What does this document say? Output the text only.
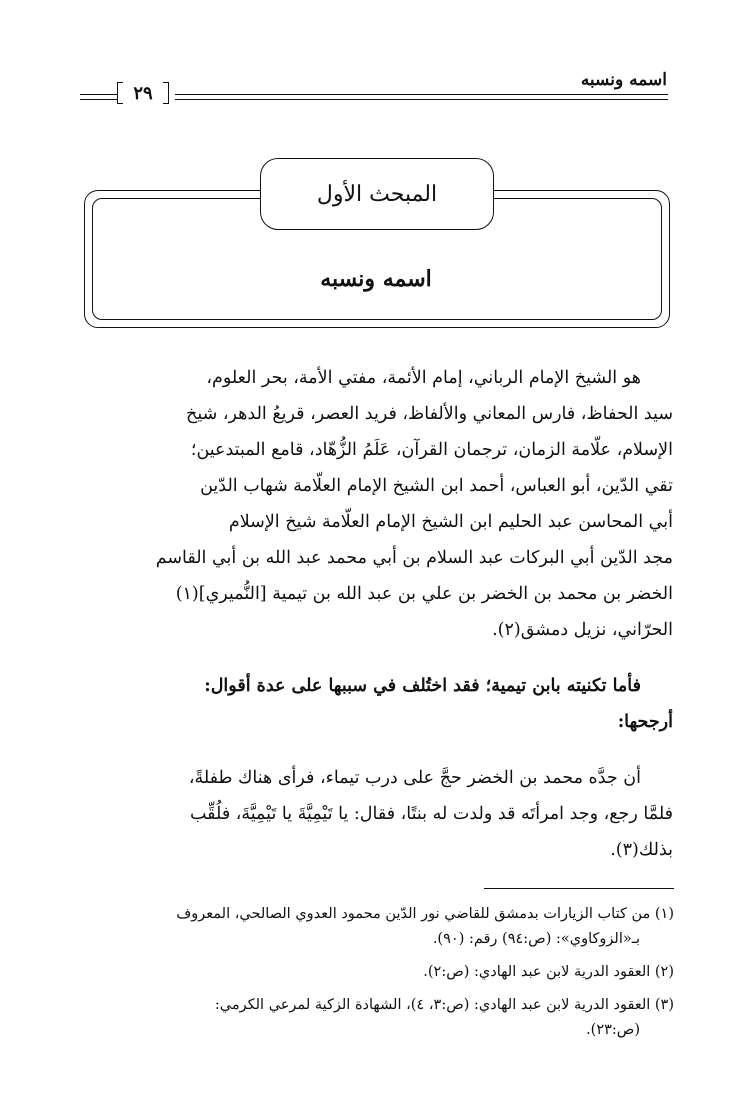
اسمه ونسبه
٢٩
المبحث الأول
اسمه ونسبه
هو الشيخ الإمام الرباني، إمام الأئمة، مفتي الأمة، بحر العلوم،
سيد الحفاظ، فارس المعاني والألفاظ، فريد العصر، قريعُ الدهر، شيخ
الإسلام، علّامة الزمان، ترجمان القرآن، عَلَمُ الزُّهّاد، قامع المبتدعين؛
تقي الدّين، أبو العباس، أحمد ابن الشيخ الإمام العلّامة شهاب الدّين
أبي المحاسن عبد الحليم ابن الشيخ الإمام العلّامة شيخ الإسلام
مجد الدّين أبي البركات عبد السلام بن أبي محمد عبد الله بن أبي القاسم
الخضر بن محمد بن الخضر بن علي بن عبد الله بن تيمية [النُّميري](١)
الحرّاني، نزيل دمشق(٢).
فأما تكنيته بابن تيمية؛ فقد اختُلف في سببها على عدة أقوال:
أرجحها:
أن جدَّه محمد بن الخضر حجَّ على درب تيماء، فرأى هناك طفلةً،
فلمَّا رجع، وجد امرأتَه قد ولدت له بنتًا، فقال: يا تَيْمِيَّةَ يا تَيْمِيَّةَ، فلُقِّب
بذلك(٣).
(١) من كتاب الزيارات بدمشق للقاضي نور الدّين محمود العدوي الصالحي، المعروف
بـ«الزوكاوي»: (ص:٩٤) رقم: (٩٠).
(٢) العقود الدرية لابن عبد الهادي: (ص:٢).
(٣) العقود الدرية لابن عبد الهادي: (ص:٣، ٤)، الشهادة الزكية لمرعي الكرمي:
(ص:٢٣).
